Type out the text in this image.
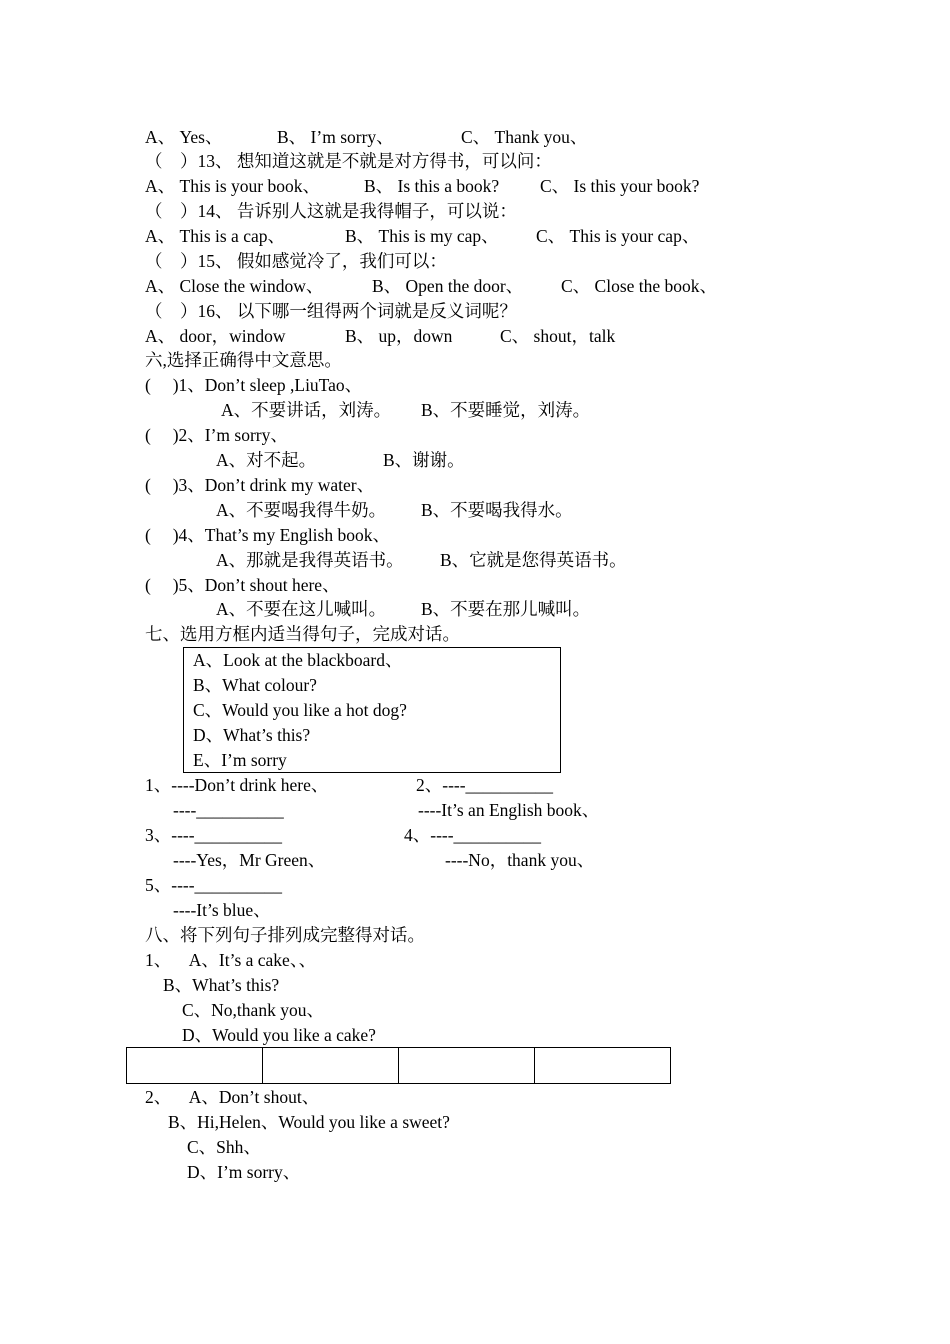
A、 Yes、	B、 I’m sorry、	C、 Thank you、
（    ）13、 想知道这就是不就是对方得书，可以问：
A、 This is your book、	B、 Is this a book? C、 Is this your book?
（    ）14、 告诉别人这就是我得帽子，可以说：
A、 This is a cap、	B、 This is my cap、 C、 This is your cap、
（    ）15、 假如感觉冷了，我们可以：
A、 Close the window、	B、 Open the door、 C、 Close the book、
（    ）16、 以下哪一组得两个词就是反义词呢？
A、 door，window	B、 up，down	C、 shout，talk
六,选择正确得中文意思。
(     )1、Don’t sleep ,LiuTao、
A、不要讲话，刘涛。 B、不要睡觉，刘涛。
(     )2、I’m sorry、
A、对不起。	B、谢谢。
(     )3、Don’t drink my water、
A、不要喝我得牛奶。 B、不要喝我得水。
(     )4、That’s my English book、
A、那就是我得英语书。 B、它就是您得英语书。
(     )5、Don’t shout here、
A、不要在这儿喊叫。 B、不要在那儿喊叫。
七、选用方框内适当得句子，完成对话。
A、Look at the blackboard、
B、What colour?
C、Would you like a hot dog?
D、What’s this?
E、I’m sorry
1、----Don’t drink here、
----__________
2、----__________
----It’s an English book、
3、----__________
----Yes，Mr Green、
4、----__________
----No，thank you、
5、----__________
----It’s blue、
八、将下列句子排列成完整得对话。
1、    A、It’s a cake、、
B、What’s this?
C、No,thank you、
D、Would you like a cake?

2、    A、Don’t shout、
B、Hi,Helen、Would you like a sweet?
C、Shh、
D、I’m sorry、
